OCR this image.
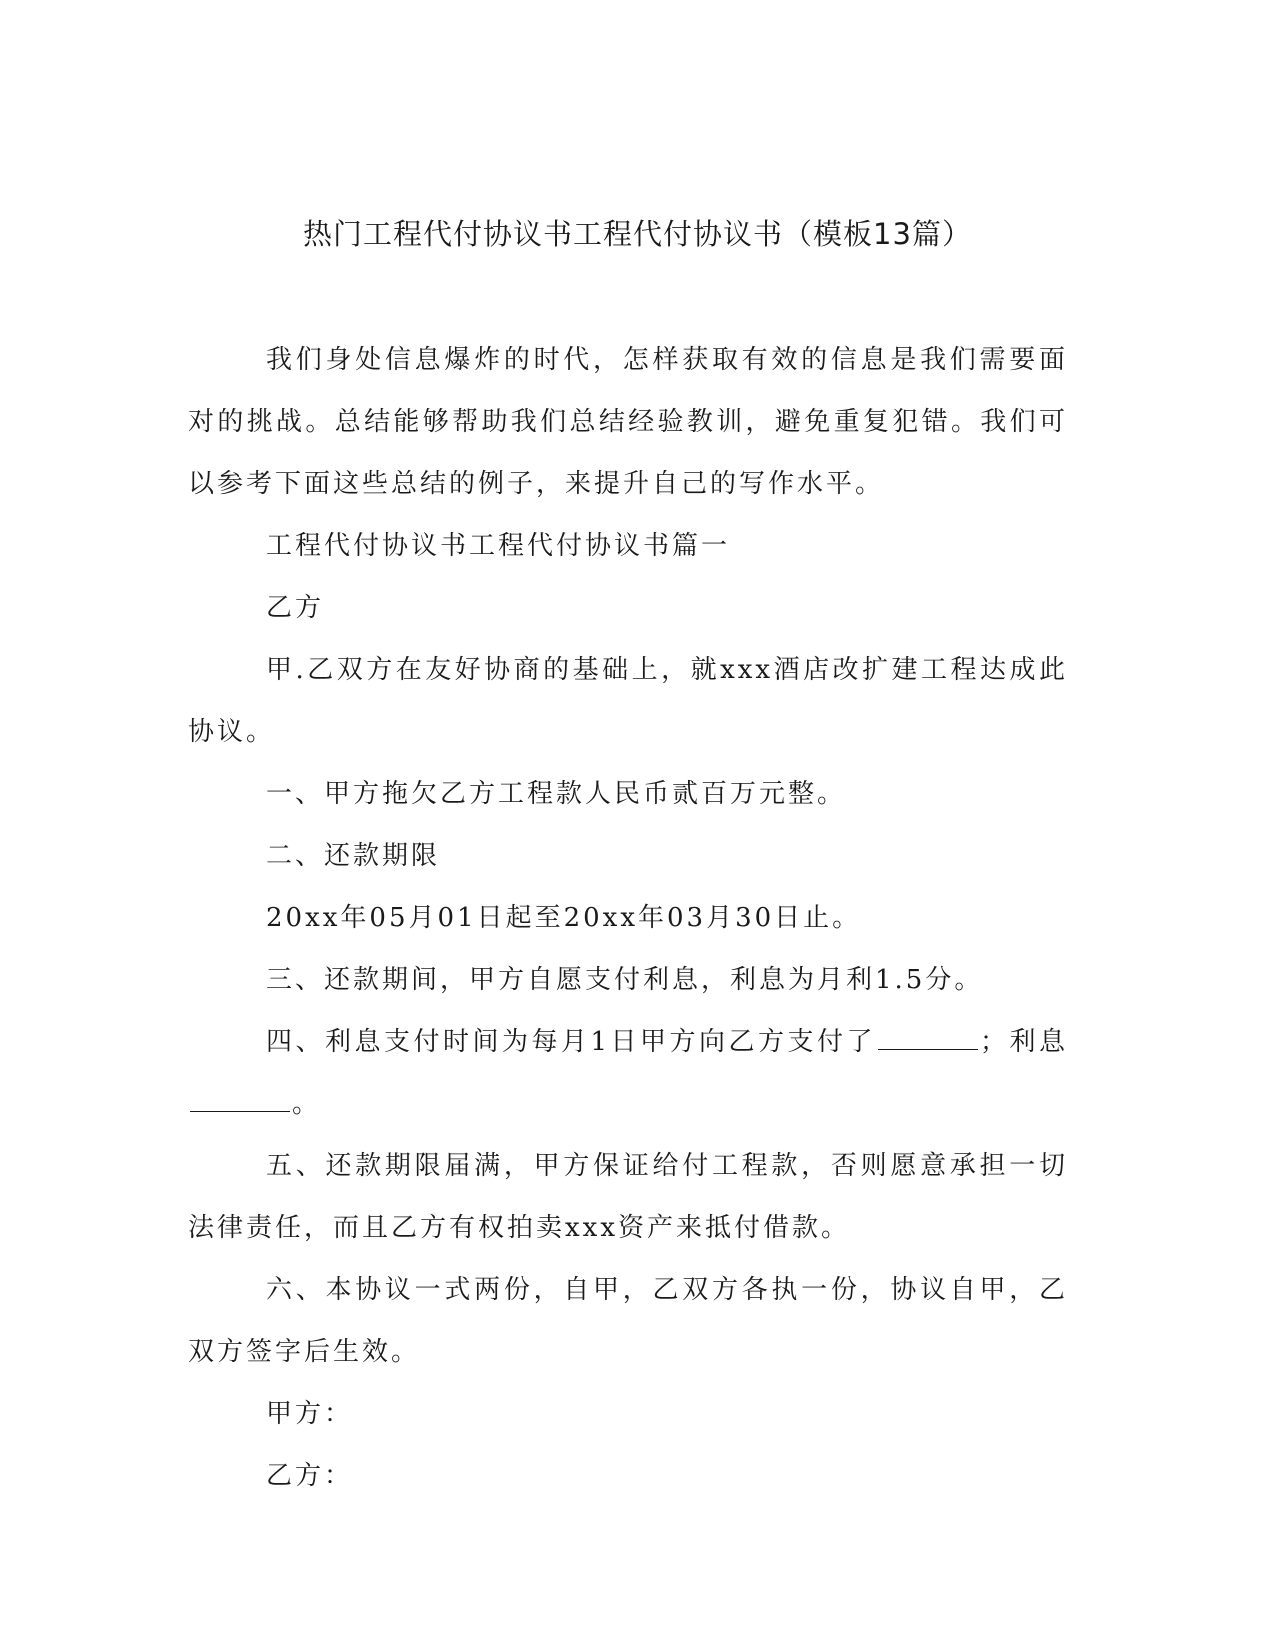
热门工程代付协议书工程代付协议书（模板13篇）

我们身处信息爆炸的时代，怎样获取有效的信息是我们需要面对的挑战。总结能够帮助我们总结经验教训，避免重复犯错。我们可以参考下面这些总结的例子，来提升自己的写作水平。

工程代付协议书工程代付协议书篇一

乙方

甲.乙双方在友好协商的基础上，就xxx酒店改扩建工程达成此协议。

一、甲方拖欠乙方工程款人民币贰百万元整。

二、还款期限

20xx年05月01日起至20xx年03月30日止。

三、还款期间，甲方自愿支付利息，利息为月利1.5分。

四、利息支付时间为每月1日甲方向乙方支付了	；利息。

五、还款期限届满，甲方保证给付工程款，否则愿意承担一切法律责任，而且乙方有权拍卖xxx资产来抵付借款。

六、本协议一式两份，自甲，乙双方各执一份，协议自甲，乙双方签字后生效。

甲方：

乙方：
